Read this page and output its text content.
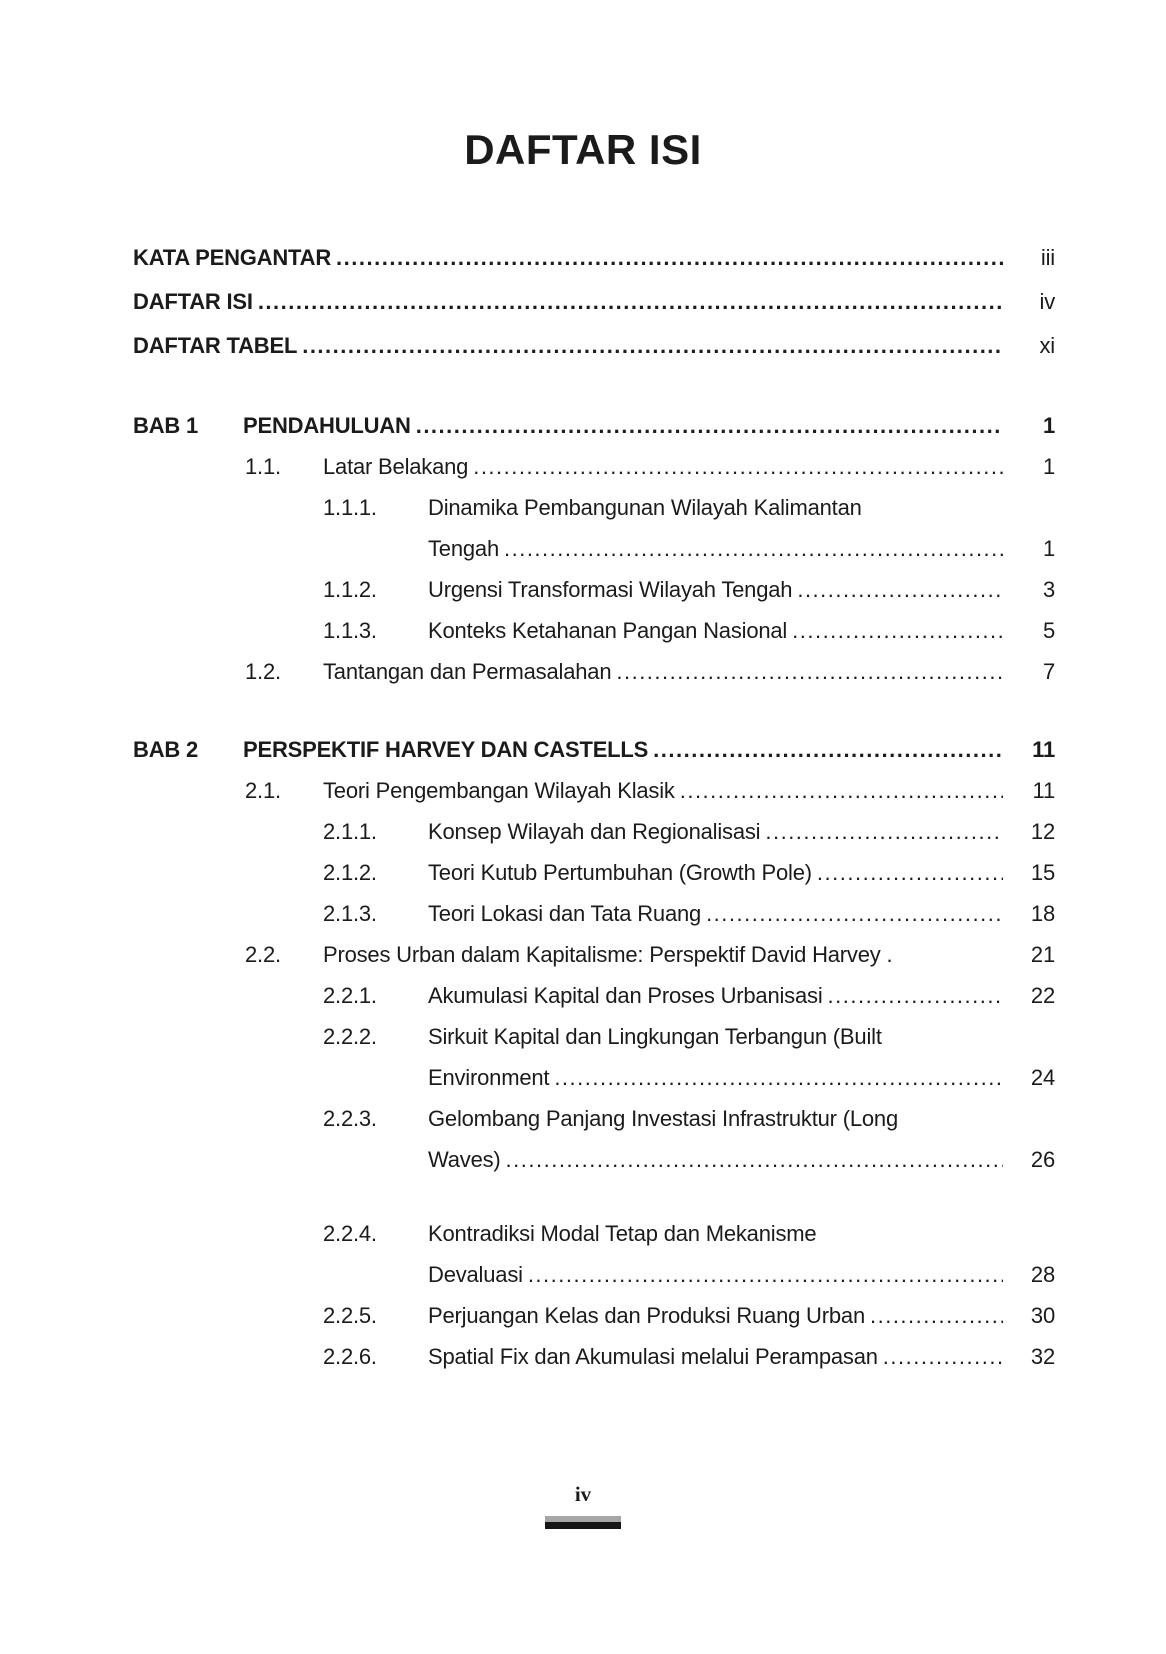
DAFTAR ISI
KATA PENGANTAR .....	iii
DAFTAR ISI .....	iv
DAFTAR TABEL .....	xi
BAB 1	PENDAHULUAN .....	1
1.1.	Latar Belakang .....	1
1.1.1.	Dinamika Pembangunan Wilayah Kalimantan
Tengah .....	1
1.1.2.	Urgensi Transformasi Wilayah Tengah .....	3
1.1.3.	Konteks Ketahanan Pangan Nasional .....	5
1.2.	Tantangan dan Permasalahan .....	7
BAB 2	PERSPEKTIF HARVEY DAN CASTELLS .....	11
2.1.	Teori Pengembangan Wilayah Klasik .....	11
2.1.1.	Konsep Wilayah dan Regionalisasi .....	12
2.1.2.	Teori Kutub Pertumbuhan (Growth Pole) .....	15
2.1.3.	Teori Lokasi dan Tata Ruang .....	18
2.2.	Proses Urban dalam Kapitalisme: Perspektif David Harvey .	21
2.2.1.	Akumulasi Kapital dan Proses Urbanisasi .....	22
2.2.2.	Sirkuit Kapital dan Lingkungan Terbangun (Built
Environment .....	24
2.2.3.	Gelombang Panjang Investasi Infrastruktur (Long
Waves) .....	26
2.2.4.	Kontradiksi Modal Tetap dan Mekanisme
Devaluasi .....	28
2.2.5.	Perjuangan Kelas dan Produksi Ruang Urban .....	30
2.2.6.	Spatial Fix dan Akumulasi melalui Perampasan .....	32
iv
